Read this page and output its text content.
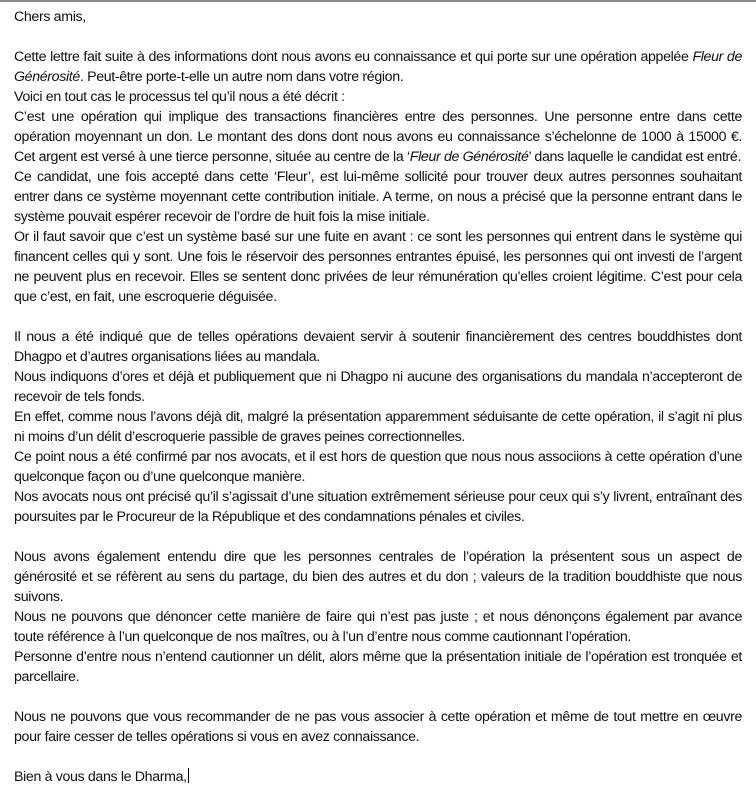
Chers amis,

Cette lettre fait suite à des informations dont nous avons eu connaissance et qui porte sur une opération appelée Fleur de Générosité. Peut-être porte-t-elle un autre nom dans votre région.

Voici en tout cas le processus tel qu’il nous a été décrit :

C’est une opération qui implique des transactions financières entre des personnes. Une personne entre dans cette opération moyennant un don. Le montant des dons dont nous avons eu connaissance s’échelonne de 1000 à 15000 €. Cet argent est versé à une tierce personne, située au centre de la ‘Fleur de Générosité’ dans laquelle le candidat est entré.

Ce candidat, une fois accepté dans cette ‘Fleur’, est lui-même sollicité pour trouver deux autres personnes souhaitant entrer dans ce système moyennant cette contribution initiale. A terme, on nous a précisé que la personne entrant dans le système pouvait espérer recevoir de l’ordre de huit fois la mise initiale.

Or il faut savoir que c’est un système basé sur une fuite en avant : ce sont les personnes qui entrent dans le système qui financent celles qui y sont. Une fois le réservoir des personnes entrantes épuisé, les personnes qui ont investi de l’argent ne peuvent plus en recevoir. Elles se sentent donc privées de leur rémunération qu’elles croient légitime. C’est pour cela que c’est, en fait, une escroquerie déguisée.

Il nous a été indiqué que de telles opérations devaient servir à soutenir financièrement des centres bouddhistes dont Dhagpo et d’autres organisations liées au mandala.

Nous indiquons d’ores et déjà et publiquement que ni Dhagpo ni aucune des organisations du mandala n’accepteront de recevoir de tels fonds.

En effet, comme nous l’avons déjà dit, malgré la présentation apparemment séduisante de cette opération, il s’agit ni plus ni moins d’un délit d’escroquerie passible de graves peines correctionnelles.

Ce point nous a été confirmé par nos avocats, et il est hors de question que nous nous associions à cette opération d’une quelconque façon ou d’une quelconque manière.

Nos avocats nous ont précisé qu’il s’agissait d’une situation extrêmement sérieuse pour ceux qui s’y livrent, entraînant des poursuites par le Procureur de la République et des condamnations pénales et civiles.

Nous avons également entendu dire que les personnes centrales de l’opération la présentent sous un aspect de générosité et se réfèrent au sens du partage, du bien des autres et du don ; valeurs de la tradition bouddhiste que nous suivons.

Nous ne pouvons que dénoncer cette manière de faire qui n’est pas juste ; et nous dénonçons également par avance toute référence à l’un quelconque de nos maîtres, ou à l’un d’entre nous comme cautionnant l’opération.

Personne d’entre nous n’entend cautionner un délit, alors même que la présentation initiale de l’opération est tronquée et parcellaire.

Nous ne pouvons que vous recommander de ne pas vous associer à cette opération et même de tout mettre en œuvre pour faire cesser de telles opérations si vous en avez connaissance.

Bien à vous dans le Dharma,
